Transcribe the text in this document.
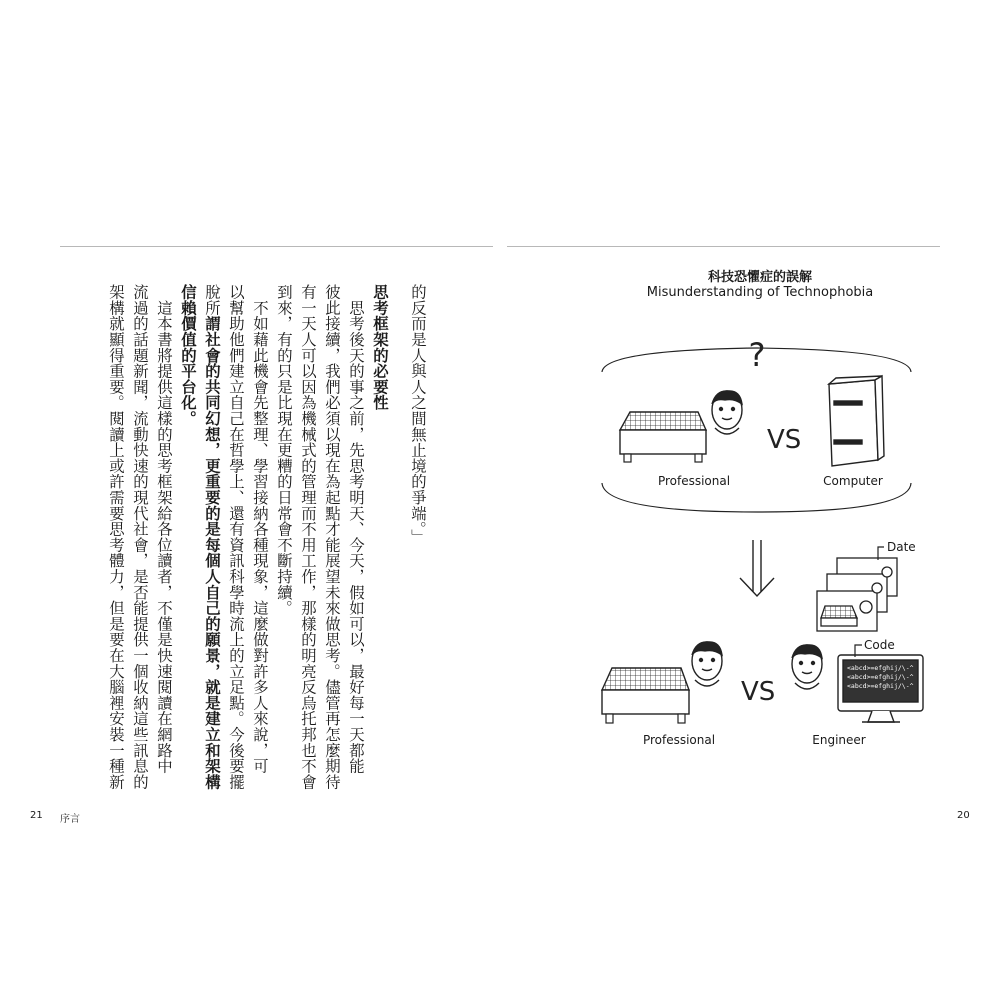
的反而是人與人之間無止境的爭端。」
思考框架的必要性
　思考後天的事之前，先思考明天、今天，假如可以，最好每一天都能
彼此接續，我們必須以現在為起點才能展望未來做思考。儘管再怎麼期待
有一天人可以因為機械式的管理而不用工作，那樣的明亮反烏托邦也不會
到來，有的只是比現在更糟的日常會不斷持續。
　不如藉此機會先整理、學習接納各種現象，這麼做對許多人來說，可
以幫助他們建立自己在哲學上、還有資訊科學時流上的立足點。今後要擺
脫所謂社會的共同幻想，更重要的是每個人自己的願景，就是建立和架構
信賴價值的平台化。
　這本書將提供這樣的思考框架給各位讀者，不僅是快速閱讀在網路中
流過的話題新聞，流動快速的現代社會，是否能提供一個收納這些訊息的
架構就顯得重要。閱讀上或許需要思考體力，但是要在大腦裡安裝一種新
21 序言	20
科技恐懼症的誤解
Misunderstanding of Technophobia
?
VS
Professional	Computer
Date
VS
<abcd>=efghij/\-^
<abcd>=efghij/\-^
<abcd>=efghij/\-^
Code
Professional	Engineer
